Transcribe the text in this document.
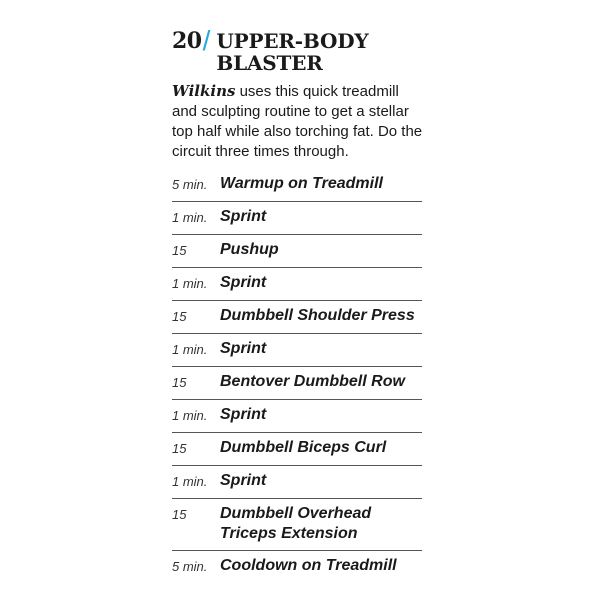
20 / UPPER-BODY
BLASTER
Wilkins uses this quick treadmill and sculpting routine to get a stellar top half while also torching fat. Do the circuit three times through.
5 min. Warmup on Treadmill
1 min. Sprint
15	Pushup
1 min. Sprint
15	Dumbbell Shoulder Press
1 min. Sprint
15	Bentover Dumbbell Row
1 min. Sprint
15	Dumbbell Biceps Curl
1 min. Sprint
15	Dumbbell Overhead
Triceps Extension
5 min. Cooldown on Treadmill
